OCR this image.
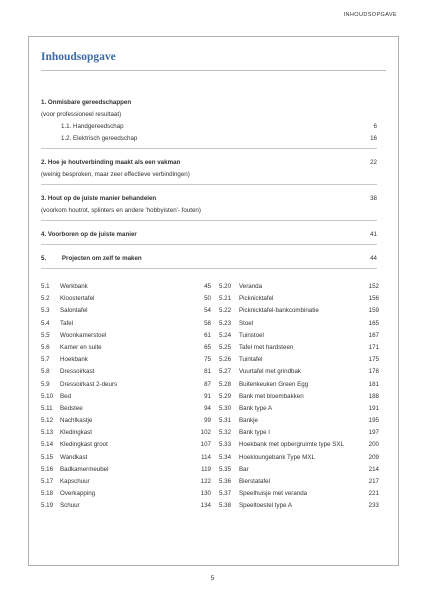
INHOUDSOPGAVE
Inhoudsopgave
1. Onmisbare gereedschappen
(voor professioneel resultaat)
1.1. Handgereedschap	6
1.2. Elektrisch gereedschap	16
2. Hoe je houtverbinding maakt als een vakman	22
(weinig besproken, maar zeer effectieve verbindingen)
3. Hout op de juiste manier behandelen	38
(voorkom houtrot, splinters en andere 'hobbyisten'- fouten)
4. Voorboren op de juiste manier	41
5.	Projecten om zelf te maken	44
5.1 Werkbank	45
5.2 Kloostertafel	50
5.3 Salontafel	54
5.4 Tafel	58
5.5 Woonkamerstoel	61
5.6 Kamer en suite	65
5.7 Hoekbank	75
5.8 Dressoirkast	81
5.9 Dressoirkast 2-deurs	87
5.10 Bed	91
5.11 Bedstee	94
5.12 Nachtkastje	99
5.13 Kledingkast	102
5.14 Kledingkast groot	107
5.15 Wandkast	114
5.16 Badkamermeubel	119
5.17 Kapschuur	122
5.18 Overkapping	130
5.19 Schuur	134
5.20 Veranda	152
5.21 Picknicktafel	156
5.22 Picknicktafel-bankcombinatie	159
5.23 Stoel	165
5.24 Tuinstoel	167
5.25 Tafel met hardsteen	171
5.26 Tuintafel	175
5.27 Vuurtafel met grindbak	178
5.28 Buitenkeuken Green Egg	181
5.29 Bank met bloembakken	188
5.30 Bank type A	191
5.31 Bankje	195
5.32 Bank type I	197
5.33 Hoekbank met opbergruimte type SXL	200
5.34 Hoekloungebank Type MXL	209
5.35 Bar	214
5.36 Bierstatafel	217
5.37 Speelhuisje met veranda	221
5.38 Speeltoestel type A	233
5
